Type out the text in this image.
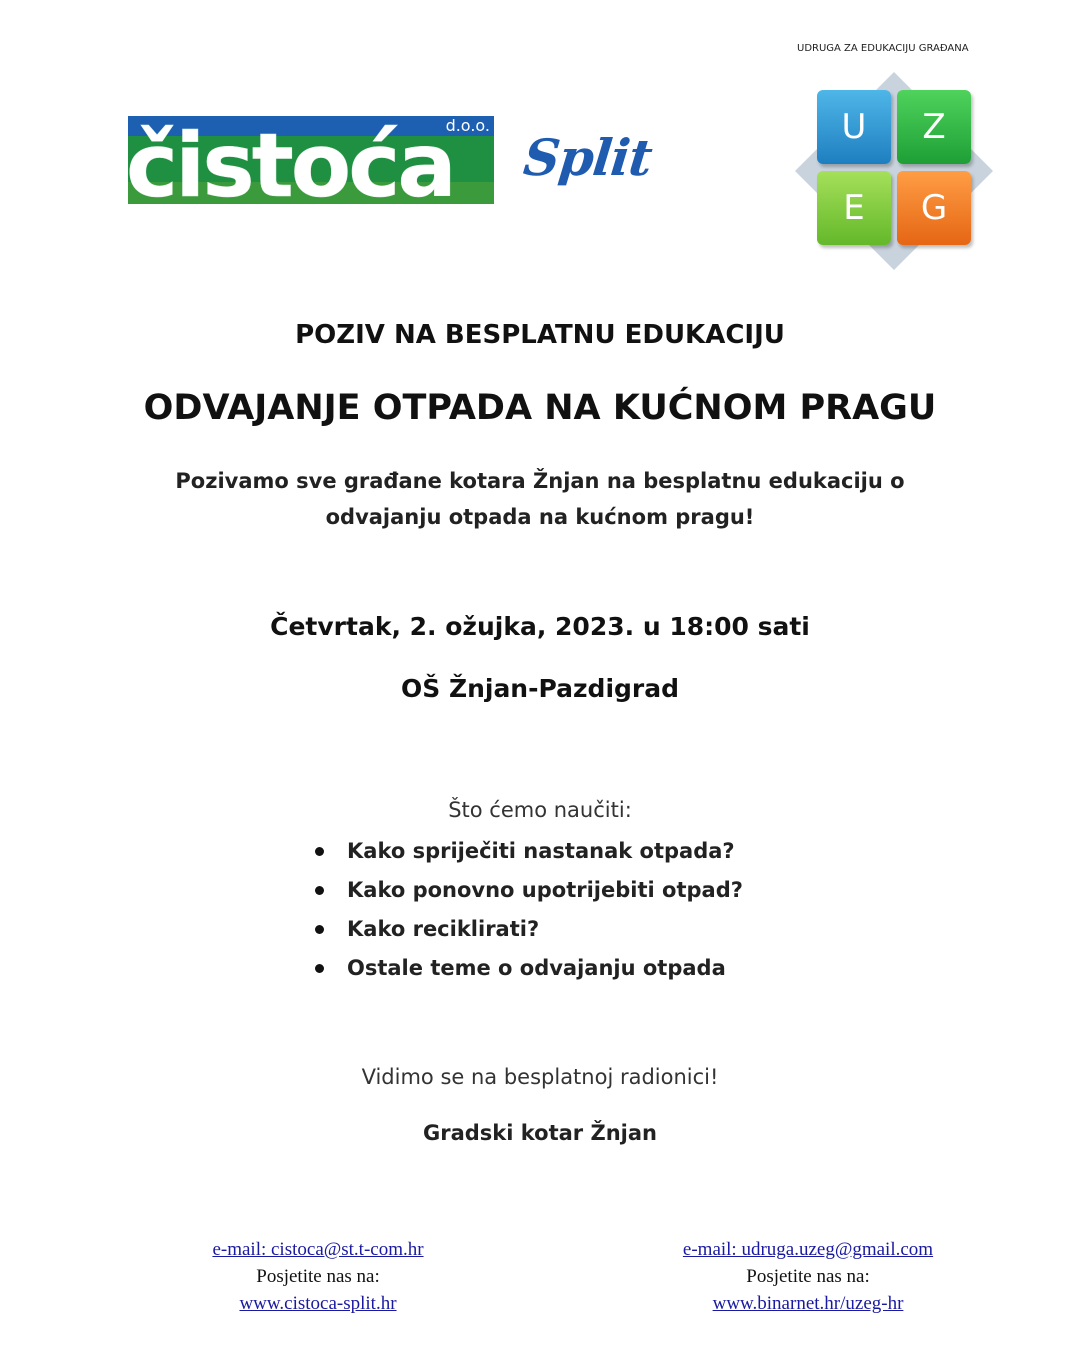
čistoća
d.o.o.
Split
UDRUGA ZA EDUKACIJU GRAĐANA
U	Z
E	G
POZIV NA BESPLATNU EDUKACIJU
ODVAJANJE OTPADA NA KUĆNOM PRAGU
Pozivamo sve građane kotara Žnjan na besplatnu edukaciju o odvajanju otpada na kućnom pragu!
Četvrtak, 2. ožujka, 2023. u 18:00 sati
OŠ Žnjan-Pazdigrad
Što ćemo naučiti:
Kako spriječiti nastanak otpada?
Kako ponovno upotrijebiti otpad?
Kako reciklirati?
Ostale teme o odvajanju otpada
Vidimo se na besplatnoj radionici!
Gradski kotar Žnjan
e-mail: cistoca@st.t-com.hr
Posjetite nas na:
www.cistoca-split.hr
e-mail: udruga.uzeg@gmail.com
Posjetite nas na:
www.binarnet.hr/uzeg-hr
